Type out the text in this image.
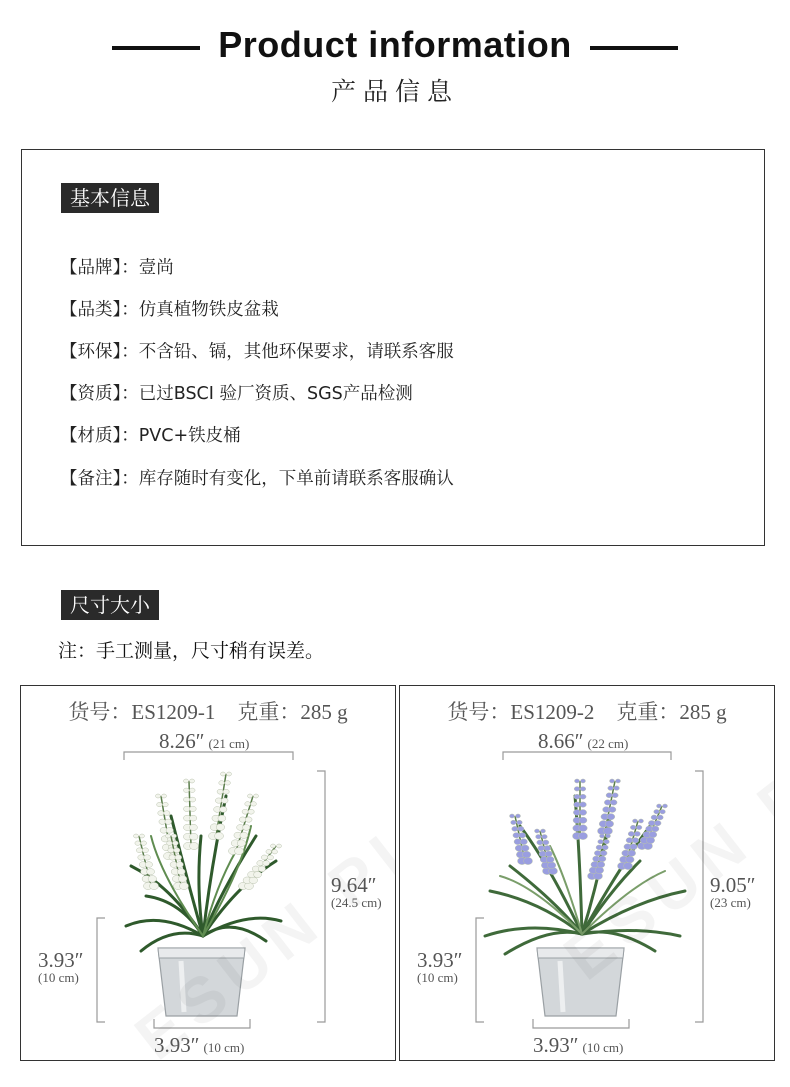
Product information
产品信息
基本信息
【品牌】：壹尚
【品类】：仿真植物铁皮盆栽
【环保】：不含铅、镉，其他环保要求，请联系客服
【资质】：已过BSCI 验厂资质、SGS产品检测
【材质】：PVC+铁皮桶
【备注】：库存随时有变化，下单前请联系客服确认
尺寸大小
注：手工测量，尺寸稍有误差。
货号：ES1209-1 克重：285 g
8.26″ (21 cm)
9.64″
(24.5 cm)
3.93″
(10 cm)
3.93″ (10 cm)
货号：ES1209-2 克重：285 g
8.66″ (22 cm)
9.05″
(23 cm)
3.93″
(10 cm)
3.93″ (10 cm)
